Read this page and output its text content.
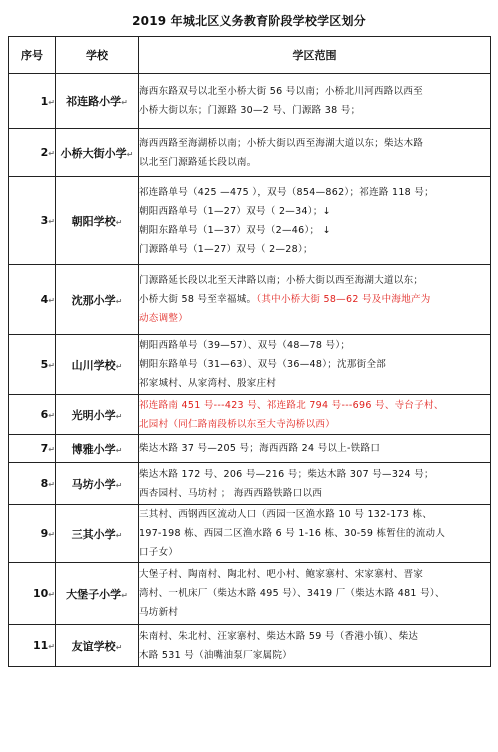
2019 年城北区义务教育阶段学校学区划分
序号	学校	学区范围
1↵	祁连路小学↵	海西东路双号以北至小桥大街 56 号以南；小桥北川河西路以西至
小桥大街以东；门源路 30—2 号、门源路 38 号；

2↵	小桥大街小学↵	海西西路至海湖桥以南；小桥大街以西至海湖大道以东；柴达木路
以北至门源路延长段以南。

3↵	朝阳学校↵	祁连路单号（425 —475 ），双号（854—862）；祁连路 118 号；
朝阳西路单号（1—27）双号（ 2—34）；↓
朝阳东路单号（1—37）双号（2—46）； ↓
门源路单号（1—27）双号（ 2—28）；

4↵	沈那小学↵	门源路延长段以北至天津路以南；小桥大街以西至海湖大道以东；
小桥大街 58 号至幸福城。（其中小桥大街 58—62 号及中海地产为
动态调整）

5↵	山川学校↵	朝阳西路单号（39—57）、双号（48—78 号）；
朝阳东路单号（31—63）、双号（36—48）；沈那街全部
祁家城村、从家湾村、殷家庄村

6↵	光明小学↵	祁连路南 451 号---423 号、祁连路北 794 号---696 号、寺台子村、
北园村（同仁路南段桥以东至大寺沟桥以西）

7↵	博雅小学↵	柴达木路 37 号—205 号；海西西路 24 号以上-铁路口

8↵	马坊小学↵	柴达木路 172 号、206 号—216 号；柴达木路 307 号—324 号；
西杏园村、马坊村 ； 海西西路铁路口以西

9↵	三其小学↵	三其村、西钢西区流动人口（西园一区渔水路 10 号 132-173 栋、
197-198 栋、西园二区渔水路 6 号 1-16 栋、30-59 栋暂住的流动人
口子女）

10↵	大堡子小学↵	大堡子村、陶南村、陶北村、吧小村、鲍家寨村、宋家寨村、晋家
湾村、一机床厂（柴达木路 495 号）、3419 厂（柴达木路 481 号）、
马坊新村

11↵	友谊学校↵	朱南村、朱北村、汪家寨村、柴达木路 59 号（香港小镇）、柴达
木路 531 号（油嘴油泵厂家属院）
